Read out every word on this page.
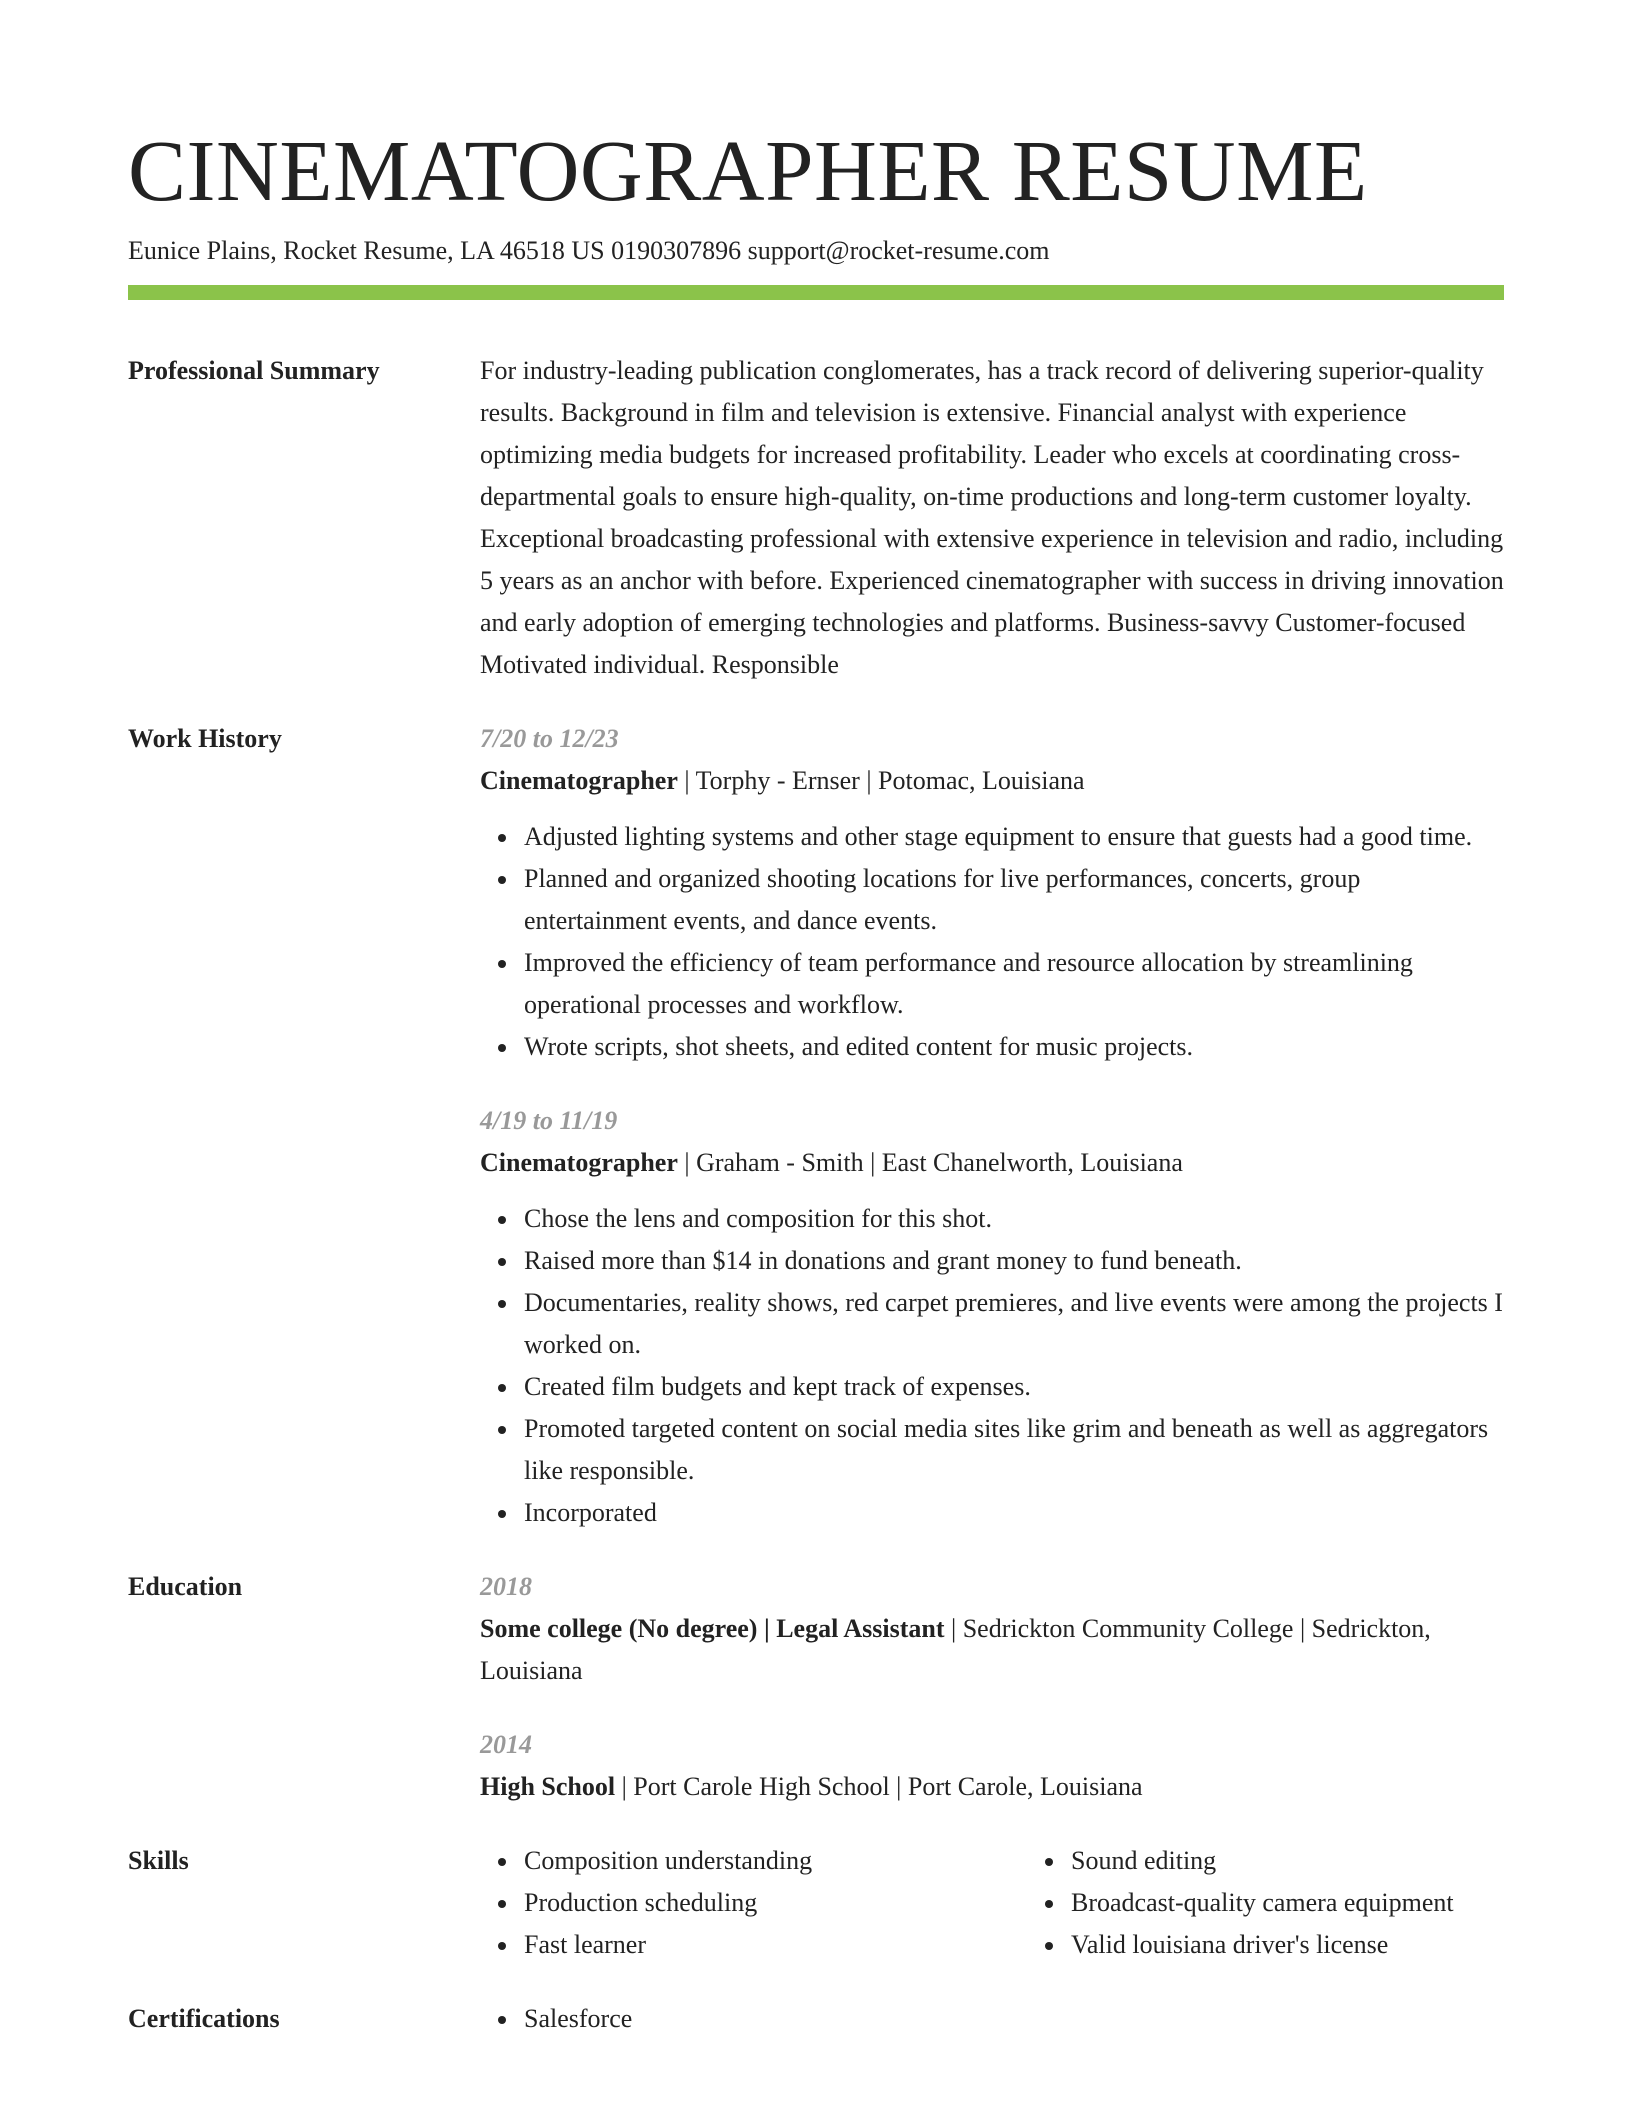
CINEMATOGRAPHER RESUME
Eunice Plains, Rocket Resume, LA 46518 US 0190307896 support@rocket-resume.com
Professional Summary	For industry-leading publication conglomerates, has a track record of delivering superior-quality results. Background in film and television is extensive. Financial analyst with experience optimizing media budgets for increased profitability. Leader who excels at coordinating cross-departmental goals to ensure high-quality, on-time productions and long-term customer loyalty. Exceptional broadcasting professional with extensive experience in television and radio, including 5 years as an anchor with before. Experienced cinematographer with success in driving innovation and early adoption of emerging technologies and platforms. Business-savvy Customer-focused Motivated individual. Responsible
Work History	7/20 to 12/23
Cinematographer | Torphy - Ernser | Potomac, Louisiana
Adjusted lighting systems and other stage equipment to ensure that guests had a good time.
Planned and organized shooting locations for live performances, concerts, group entertainment events, and dance events.
Improved the efficiency of team performance and resource allocation by streamlining operational processes and workflow.
Wrote scripts, shot sheets, and edited content for music projects.
4/19 to 11/19
Cinematographer | Graham - Smith | East Chanelworth, Louisiana
Chose the lens and composition for this shot.
Raised more than $14 in donations and grant money to fund beneath.
Documentaries, reality shows, red carpet premieres, and live events were among the projects I worked on.
Created film budgets and kept track of expenses.
Promoted targeted content on social media sites like grim and beneath as well as aggregators like responsible.
Incorporated
Education	2018
Some college (No degree) | Legal Assistant | Sedrickton Community College | Sedrickton, Louisiana
2014
High School | Port Carole High School | Port Carole, Louisiana
Skills	Composition understanding
Production scheduling
Fast learner
Sound editing
Broadcast-quality camera equipment
Valid louisiana driver's license
Certifications	Salesforce
